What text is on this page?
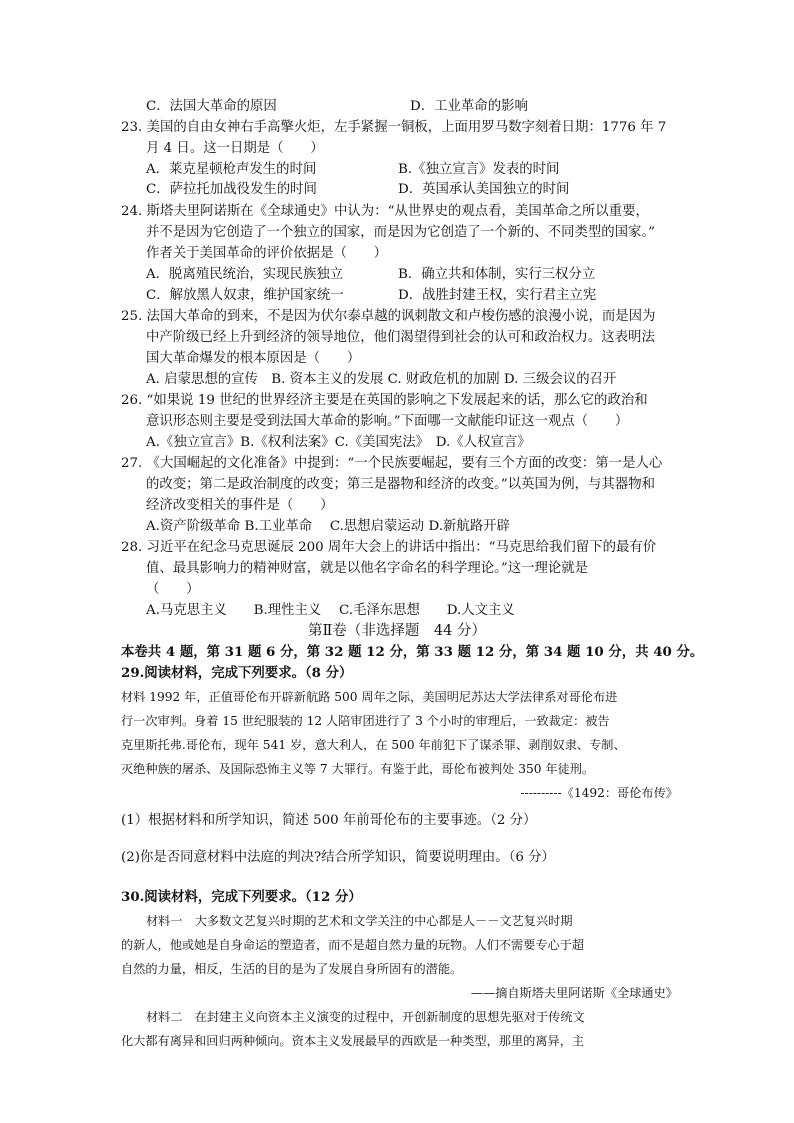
C．法国大革命的原因	D．工业革命的影响
23. 美国的自由女神右手高擎火炬，左手紧握一铜板，上面用罗马数字刻着日期：1776 年 7
月 4 日。这一日期是（　　）
A．莱克星顿枪声发生的时间	B.《独立宣言》发表的时间
C．萨拉托加战役发生的时间	D．英国承认美国独立的时间
24. 斯塔夫里阿诺斯在《全球通史》中认为：“从世界史的观点看，美国革命之所以重要，
并不是因为它创造了一个独立的国家，而是因为它创造了一个新的、不同类型的国家。”
作者关于美国革命的评价依据是（　　）
A．脱离殖民统治，实现民族独立	B．确立共和体制，实行三权分立
C．解放黑人奴隶，维护国家统一	D．战胜封建王权，实行君主立宪
25. 法国大革命的到来，不是因为伏尔泰卓越的讽刺散文和卢梭伤感的浪漫小说，而是因为
中产阶级已经上升到经济的领导地位，他们渴望得到社会的认可和政治权力。这表明法
国大革命爆发的根本原因是（　　）
A. 启蒙思想的宣传　B. 资本主义的发展 C. 财政危机的加剧 D. 三级会议的召开
26. “如果说 19 世纪的世界经济主要是在英国的影响之下发展起来的话，那么它的政治和
意识形态则主要是受到法国大革命的影响。”下面哪一文献能印证这一观点（　　）
A.《独立宣言》B.《权利法案》C.《美国宪法》　D.《人权宣言》
27. 《大国崛起的文化准备》中提到：“一个民族要崛起，要有三个方面的改变：第一是人心
的改变；第二是政治制度的改变；第三是器物和经济的改变。”以英国为例，与其器物和
经济改变相关的事件是（　　）
A.资产阶级革命 B.工业革命　 C.思想启蒙运动 D.新航路开辟
28. 习近平在纪念马克思诞辰 200 周年大会上的讲话中指出：“马克思给我们留下的最有价
值、最具影响力的精神财富，就是以他名字命名的科学理论。”这一理论就是
（　　）
A.马克思主义　　B.理性主义　 C.毛泽东思想　　D.人文主义
第Ⅱ卷（非选择题　44 分）
本卷共 4 题，第 31 题 6 分，第 32 题 12 分，第 33 题 12 分，第 34 题 10 分，共 40 分。
29.阅读材料，完成下列要求。（8 分）
材料 1992 年，正值哥伦布开辟新航路 500 周年之际，美国明尼苏达大学法律系对哥伦布进
行一次审判。身着 15 世纪服装的 12 人陪审团进行了 3 个小时的审理后，一致裁定：被告
克里斯托弗.哥伦布，现年 541 岁，意大利人，在 500 年前犯下了谋杀罪、剥削奴隶、专制、
灭绝种族的屠杀、及国际恐怖主义等 7 大罪行。有鉴于此，哥伦布被判处 350 年徒刑。
----------《1492：哥伦布传》
(1）根据材料和所学知识，简述 500 年前哥伦布的主要事迹。（2 分）
(2)你是否同意材料中法庭的判决?结合所学知识，简要说明理由。（6 分）
30.阅读材料，完成下列要求。（12 分）
材料一　大多数文艺复兴时期的艺术和文学关注的中心都是人－－文艺复兴时期
的新人，他或她是自身命运的塑造者，而不是超自然力量的玩物。人们不需要专心于超
自然的力量，相反，生活的目的是为了发展自身所固有的潜能。
——摘自斯塔夫里阿诺斯《全球通史》
材料二　在封建主义向资本主义演变的过程中，开创新制度的思想先驱对于传统文
化大都有离异和回归两种倾向。资本主义发展最早的西欧是一种类型，那里的离异，主
